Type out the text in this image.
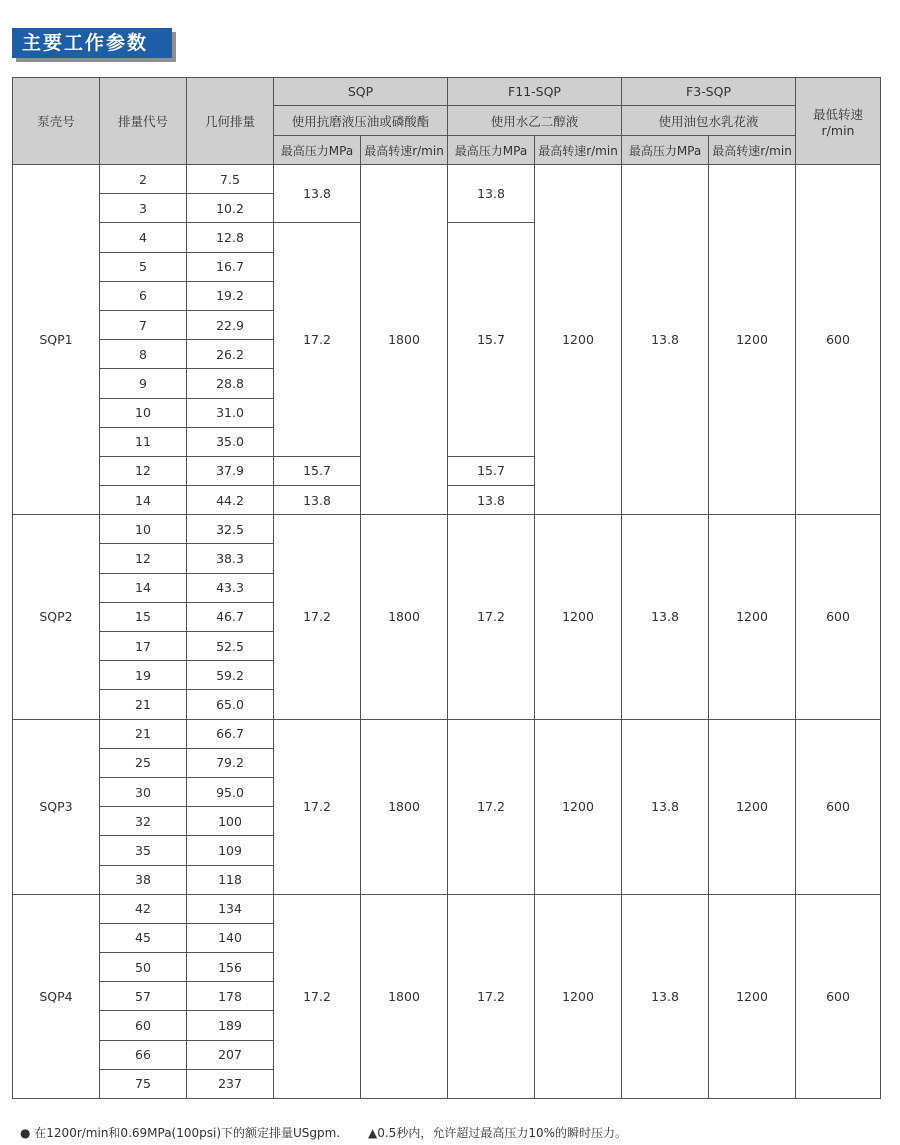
主要工作参数
泵壳号	排量代号	几何排量	SQP		F11-SQP		F3-SQP		最低转速
r/min

			使用抗磨液压油或磷酸酯		使用水乙二醇液		使用油包水乳花液		
			最高压力MPa	最高转速r/min	最高压力MPa	最高转速r/min	最高压力MPa	最高转速r/min	
SQP1	2	7.5	13.8	1800	13.8	1200	13.8	1200	600
	3	10.2							
	4	12.8	17.2		15.7				
	5	16.7							
	6	19.2							
	7	22.9							
	8	26.2							
	9	28.8							
	10	31.0							
	11	35.0							
	12	37.9	15.7		15.7				
	14	44.2	13.8		13.8				
SQP2	10	32.5	17.2	1800	17.2	1200	13.8	1200	600
	12	38.3							
	14	43.3							
	15	46.7							
	17	52.5							
	19	59.2							
	21	65.0							
SQP3	21	66.7	17.2	1800	17.2	1200	13.8	1200	600
	25	79.2							
	30	95.0							
	32	100							
	35	109							
	38	118							
SQP4	42	134	17.2	1800	17.2	1200	13.8	1200	600
	45	140							
	50	156							
	57	178							
	60	189							
	66	207							
	75	237							
● 在1200r/min和0.69MPa(100psi)下的额定排量USgpm. ▲0.5秒内，允许超过最高压力10%的瞬时压力。
